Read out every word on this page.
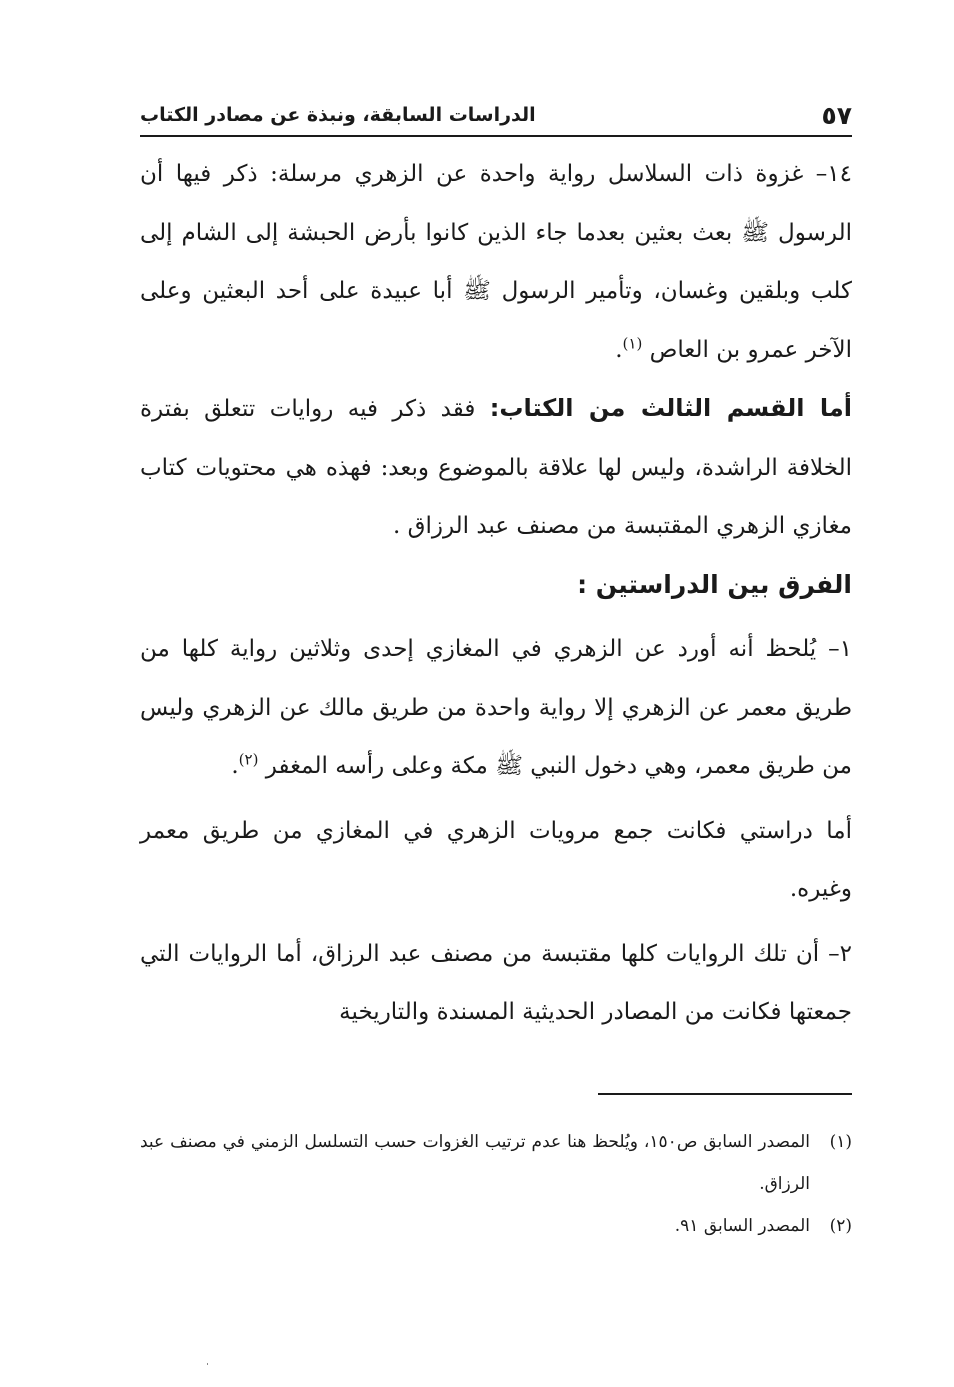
٥٧
الدراسات السابقة، ونبذة عن مصادر الكتاب

١٤– غزوة ذات السلاسل رواية واحدة عن الزهري مرسلة: ذكر فيها أن الرسول ﷺ بعث بعثين بعدما جاء الذين كانوا بأرض الحبشة إلى الشام إلى كلب وبلقين وغسان، وتأمير الرسول ﷺ أبا عبيدة على أحد البعثين وعلى الآخر عمرو بن العاص $^{(١)}$.

أما القسم الثالث من الكتاب: فقد ذكر فيه روايات تتعلق بفترة الخلافة الراشدة، وليس لها علاقة بالموضوع وبعد: فهذه هي محتويات كتاب مغازي الزهري المقتبسة من مصنف عبد الرزاق .

الفرق بين الدراستين :

١– يُلحظ أنه أورد عن الزهري في المغازي إحدى وثلاثين رواية كلها من طريق معمر عن الزهري إلا رواية واحدة من طريق مالك عن الزهري وليس من طريق معمر، وهي دخول النبي ﷺ مكة وعلى رأسه المغفر $^{(٢)}$.

أما دراستي فكانت جمع مرويات الزهري في المغازي من طريق معمر وغيره.

٢– أن تلك الروايات كلها مقتبسة من مصنف عبد الرزاق، أما الروايات التي جمعتها فكانت من المصادر الحديثية المسندة والتاريخية

(١)
المصدر السابق ص١٥٠، ويُلحظ هنا عدم ترتيب الغزوات حسب التسلسل الزمني في مصنف عبد الرزاق.
(٢)
المصدر السابق ٩١.
